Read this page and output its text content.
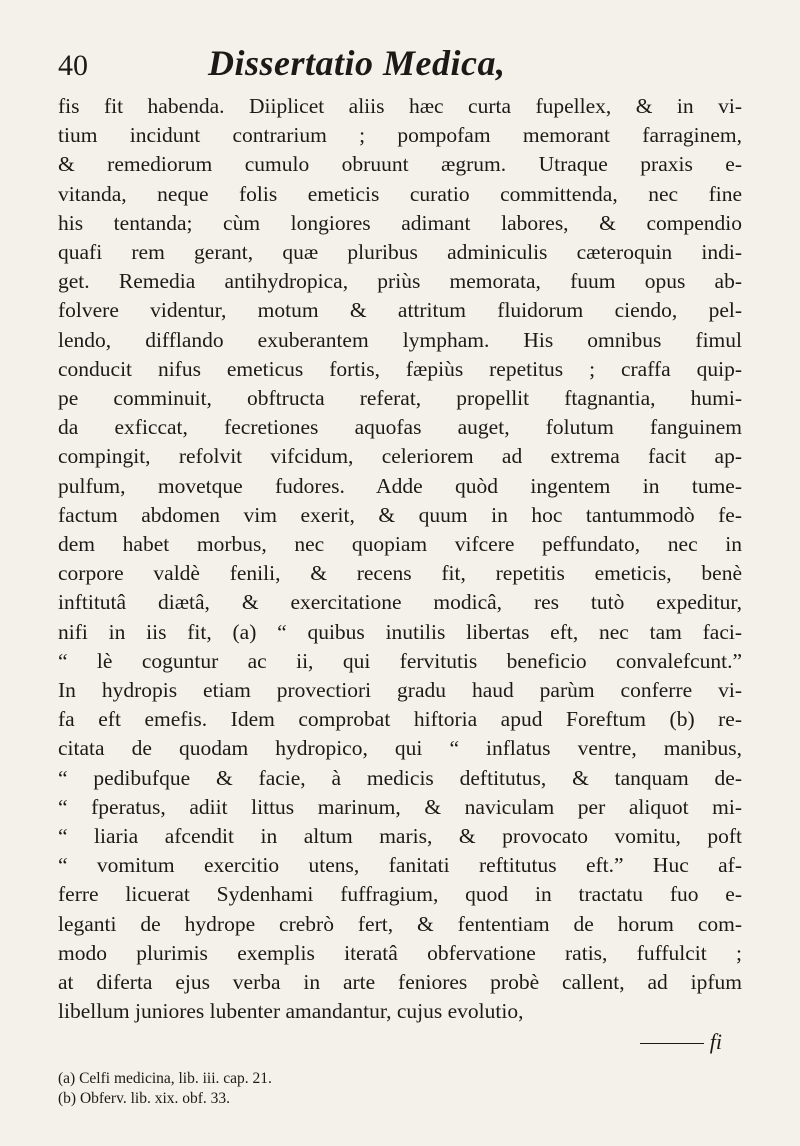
40	Dissertatio Medica,
fis fit habenda. Diiplicet aliis hæc curta fupellex, & in vi-
tium incidunt contrarium ; pompofam memorant farraginem,
& remediorum cumulo obruunt ægrum. Utraque praxis e-
vitanda, neque folis emeticis curatio committenda, nec fine
his tentanda; cùm longiores adimant labores, & compendio
quafi rem gerant, quæ pluribus adminiculis cæteroquin indi-
get. Remedia antihydropica, priùs memorata, fuum opus ab-
folvere videntur, motum & attritum fluidorum ciendo, pel-
lendo, difflando exuberantem lympham. His omnibus fimul
conducit nifus emeticus fortis, fæpiùs repetitus ; craffa quip-
pe comminuit, obftructa referat, propellit ftagnantia, humi-
da exficcat, fecretiones aquofas auget, folutum fanguinem
compingit, refolvit vifcidum, celeriorem ad extrema facit ap-
pulfum, movetque fudores. Adde quòd ingentem in tume-
factum abdomen vim exerit, & quum in hoc tantummodò fe-
dem habet morbus, nec quopiam vifcere peffundato, nec in
corpore valdè fenili, & recens fit, repetitis emeticis, benè
inftitutâ diætâ, & exercitatione modicâ, res tutò expeditur,
nifi in iis fit, (a) “ quibus inutilis libertas eft, nec tam faci-
“ lè coguntur ac ii, qui fervitutis beneficio convalefcunt.”
In hydropis etiam provectiori gradu haud parùm conferre vi-
fa eft emefis. Idem comprobat hiftoria apud Foreftum (b) re-
citata de quodam hydropico, qui “ inflatus ventre, manibus,
“ pedibufque & facie, à medicis deftitutus, & tanquam de-
“ fperatus, adiit littus marinum, & naviculam per aliquot mi-
“ liaria afcendit in altum maris, & provocato vomitu, poft
“ vomitum exercitio utens, fanitati reftitutus eft.” Huc af-
ferre licuerat Sydenhami fuffragium, quod in tractatu fuo e-
leganti de hydrope crebrò fert, & fententiam de horum com-
modo plurimis exemplis iteratâ obfervatione ratis, fuffulcit ;
at diferta ejus verba in arte feniores probè callent, ad ipfum
libellum juniores lubenter amandantur, cujus evolutio,
fi
(a) Celfi medicina, lib. iii. cap. 21.
(b) Obferv. lib. xix. obf. 33.
